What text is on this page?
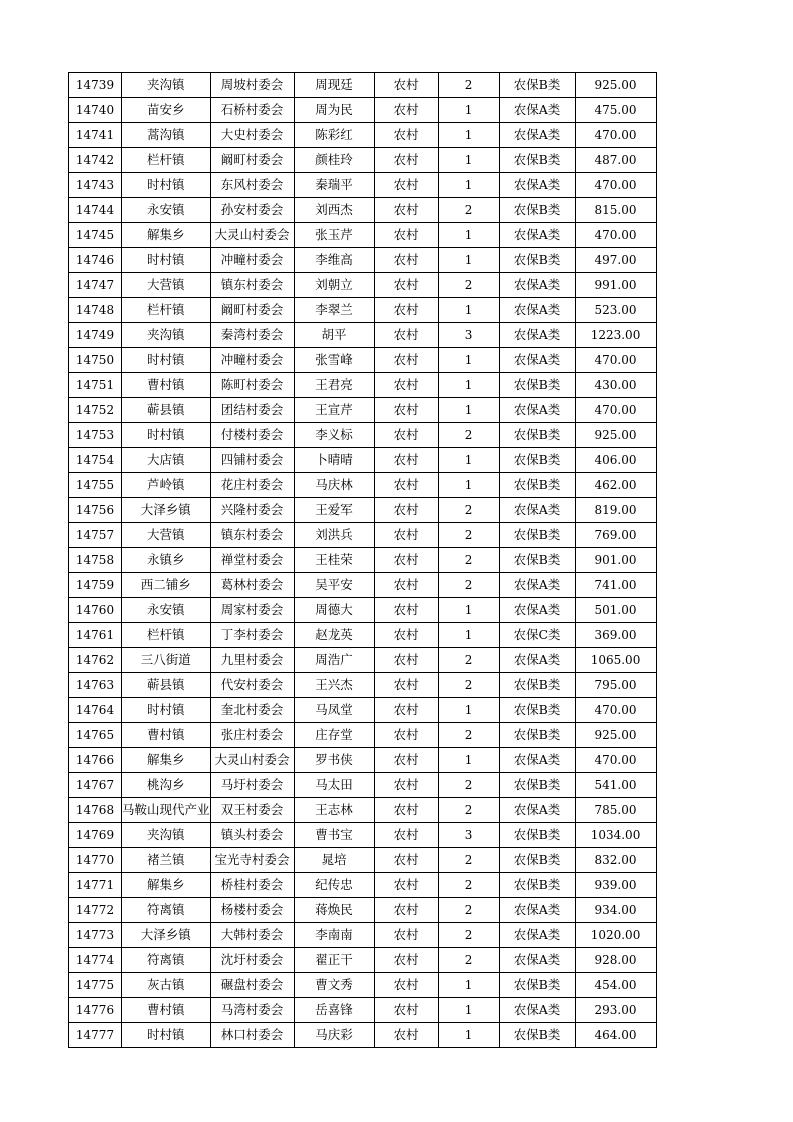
14739	夹沟镇	周坡村委会	周现廷	农村	2	农保B类	925.00
14740	苗安乡	石桥村委会	周为民	农村	1	农保A类	475.00
14741	蒿沟镇	大史村委会	陈彩红	农村	1	农保A类	470.00
14742	栏杆镇	阚町村委会	颜桂玲	农村	1	农保B类	487.00
14743	时村镇	东风村委会	秦瑞平	农村	1	农保A类	470.00
14744	永安镇	孙安村委会	刘西杰	农村	2	农保B类	815.00
14745	解集乡	大灵山村委会	张玉芹	农村	1	农保A类	470.00
14746	时村镇	冲疃村委会	李维高	农村	1	农保B类	497.00
14747	大营镇	镇东村委会	刘朝立	农村	2	农保A类	991.00
14748	栏杆镇	阚町村委会	李翠兰	农村	1	农保A类	523.00
14749	夹沟镇	秦湾村委会	胡平	农村	3	农保A类	1223.00
14750	时村镇	冲疃村委会	张雪峰	农村	1	农保A类	470.00
14751	曹村镇	陈町村委会	王君亮	农村	1	农保B类	430.00
14752	蕲县镇	团结村委会	王宣芹	农村	1	农保A类	470.00
14753	时村镇	付楼村委会	李义标	农村	2	农保B类	925.00
14754	大店镇	四铺村委会	卜晴晴	农村	1	农保B类	406.00
14755	芦岭镇	花庄村委会	马庆林	农村	1	农保B类	462.00
14756	大泽乡镇	兴隆村委会	王爱军	农村	2	农保A类	819.00
14757	大营镇	镇东村委会	刘洪兵	农村	2	农保B类	769.00
14758	永镇乡	禅堂村委会	王桂荣	农村	2	农保B类	901.00
14759	西二铺乡	葛林村委会	吴平安	农村	2	农保A类	741.00
14760	永安镇	周家村委会	周德大	农村	1	农保A类	501.00
14761	栏杆镇	丁李村委会	赵龙英	农村	1	农保C类	369.00
14762	三八街道	九里村委会	周浩广	农村	2	农保A类	1065.00
14763	蕲县镇	代安村委会	王兴杰	农村	2	农保B类	795.00
14764	时村镇	奎北村委会	马凤堂	农村	1	农保B类	470.00
14765	曹村镇	张庄村委会	庄存堂	农村	2	农保B类	925.00
14766	解集乡	大灵山村委会	罗书侠	农村	1	农保A类	470.00
14767	桃沟乡	马圩村委会	马太田	农村	2	农保B类	541.00
14768	马鞍山现代产业	双王村委会	王志林	农村	2	农保A类	785.00
14769	夹沟镇	镇头村委会	曹书宝	农村	3	农保B类	1034.00
14770	褚兰镇	宝光寺村委会	晁培	农村	2	农保B类	832.00
14771	解集乡	桥桂村委会	纪传忠	农村	2	农保B类	939.00
14772	符离镇	杨楼村委会	蒋焕民	农村	2	农保A类	934.00
14773	大泽乡镇	大韩村委会	李南南	农村	2	农保A类	1020.00
14774	符离镇	沈圩村委会	翟正干	农村	2	农保A类	928.00
14775	灰古镇	碾盘村委会	曹文秀	农村	1	农保B类	454.00
14776	曹村镇	马湾村委会	岳喜锋	农村	1	农保A类	293.00
14777	时村镇	林口村委会	马庆彩	农村	1	农保B类	464.00
